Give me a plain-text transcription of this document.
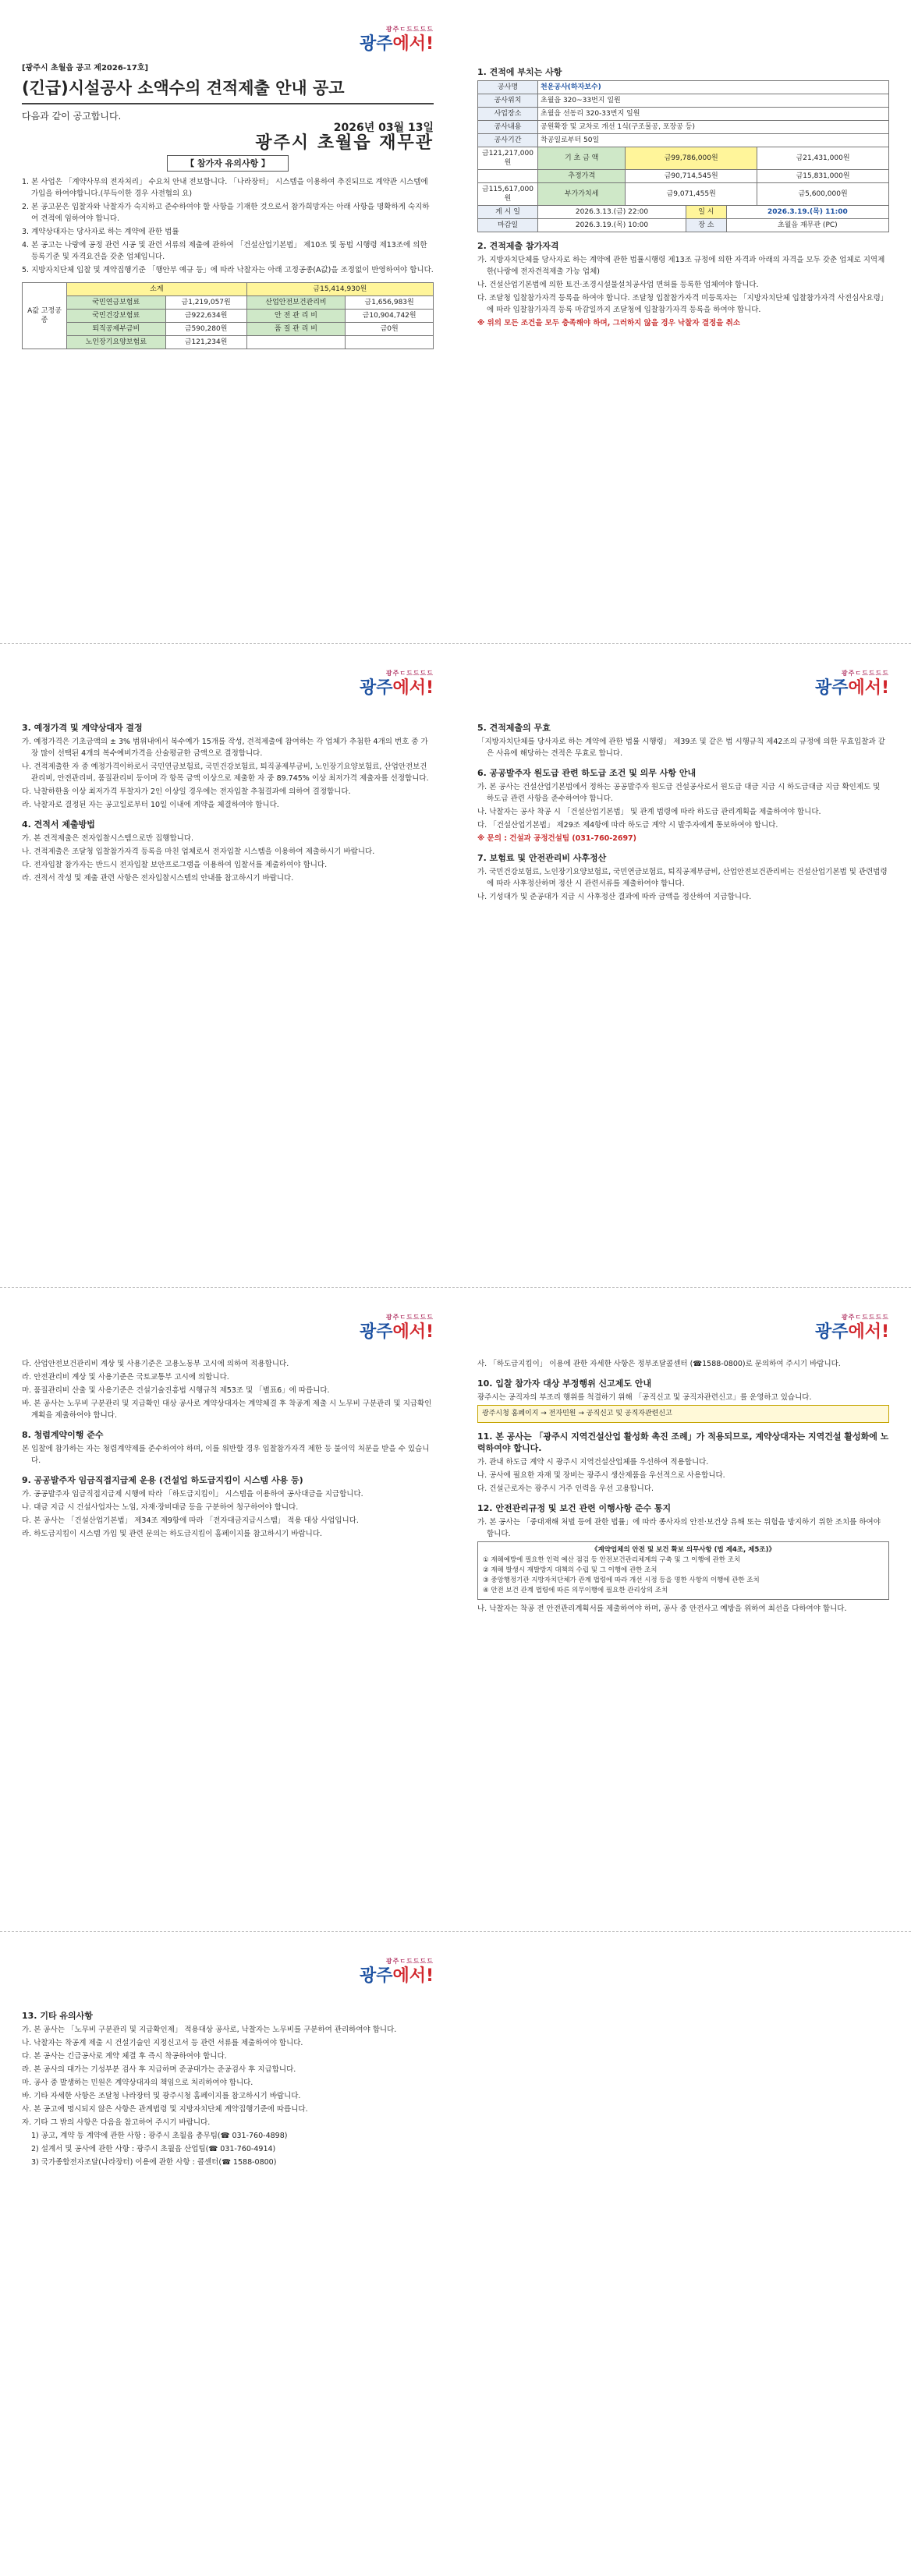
광주ㄷ드드드드
광주에서!
[광주시 초월읍 공고 제2026-17호]
(긴급)시설공사 소액수의 견적제출 안내 공고
다음과 같이 공고합니다.
2026년 03월 13일
광주시 초월읍 재무관
【 참가자 유의사항 】
1. 본 사업은 「계약사무의 전자처리」 수요처 안내 전보합니다. 「나라장터」 시스템을 이용하여 추진되므로 계약관 시스템에 가입을 하여야합니다.(부득이한 경우 사전협의 요)
2. 본 공고문은 입찰자와 낙찰자가 숙지하고 준수하여야 할 사항을 기재한 것으로서 참가희망자는 아래 사항을 명확하게 숙지하여 견적에 임하여야 합니다.
3. 계약상대자는 당사자로 하는 계약에 관한 법률
4. 본 공고는 나랑에 공정 관련 시공 및 관련 서류의 제출에 관하여 「건설산업기본법」 제10조 및 동법 시행령 제13조에 의한 등록기준 및 자격요건을 갖춘 업체입니다.
5. 지방자치단체 입찰 및 계약집행기준 「행안부 예규 등」에 따라 낙찰자는 아래 고정공종(A값)을 조정없이 반영하여야 합니다.
A값 고정공종	소계		금15,414,930원	
	국민연금보험료	금1,219,057원	산업안전보건관리비	금1,656,983원
	국민건강보험료	금922,634원	안 전 관 리 비	금10,904,742원
	퇴직공제부금비	금590,280원	품 질 관 리 비	금0원
	노인장기요양보험료	금121,234원		
1. 견적에 부치는 사항
공사명	천운공사(하자보수)
공사위치	초월읍 320~33번지 일원
사업장소	초월읍 선동리 320-33번지 일원
공사내용	공원확장 및 교차로 개선 1식(구조물공, 포장공 등)
공사기간	착공일로부터 50일
금121,217,000원	기 초 금 액	금99,786,000원	금21,431,000원
	추정가격	금90,714,545원	금15,831,000원
금115,617,000원	부가가치세	금9,071,455원	금5,600,000원
게 시 일	2026.3.13.(금) 22:00	일 시	2026.3.19.(목) 11:00
마감일	2026.3.19.(목) 10:00	장 소	초월읍 재무관 (PC)
2. 견적제출 참가자격
가. 지방자치단체를 당사자로 하는 계약에 관한 법률시행령 제13조 규정에 의한 자격과 아래의 자격을 모두 갖춘 업체로 지역제한(나랑에 전자견적제출 가능 업체)
나. 건설산업기본법에 의한 토건·조경시설물설치공사업 면허를 등록한 업체여야 합니다.
다. 조달청 입찰참가자격 등록을 하여야 합니다. 조달청 입찰참가자격 미등록자는 「지방자치단체 입찰참가자격 사전심사요령」에 따라 입찰참가자격 등록 마감일까지 조달청에 입찰참가자격 등록을 하여야 합니다.
※ 위의 모든 조건을 모두 충족해야 하며, 그러하지 않을 경우 낙찰자 결정을 취소
광주ㄷ드드드드
광주에서!
3. 예정가격 및 계약상대자 결정
가. 예정가격은 기초금액의 ± 3% 범위내에서 복수예가 15개를 작성, 견적제출에 참여하는 각 업체가 추첨한 4개의 번호 중 가장 많이 선택된 4개의 복수예비가격을 산술평균한 금액으로 결정합니다.
나. 견적제출한 자 중 예정가격이하로서 국민연금보험료, 국민건강보험료, 퇴직공제부금비, 노인장기요양보험료, 산업안전보건관리비, 안전관리비, 품질관리비 등이며 각 항목 금액 이상으로 제출한 자 중 89.745% 이상 최저가격 제출자를 선정합니다.
다. 낙찰하한율 이상 최저가격 투찰자가 2인 이상일 경우에는 전자입찰 추첨결과에 의하여 결정합니다.
라. 낙찰자로 결정된 자는 공고일로부터 10일 이내에 계약을 체결하여야 합니다.
4. 견적서 제출방법
가. 본 견적제출은 전자입찰시스템으로만 집행합니다.
나. 견적제출은 조달청 입찰참가자격 등록을 마친 업체로서 전자입찰 시스템을 이용하여 제출하시기 바랍니다.
다. 전자입찰 참가자는 반드시 전자입찰 보안프로그램을 이용하여 입찰서를 제출하여야 합니다.
라. 견적서 작성 및 제출 관련 사항은 전자입찰시스템의 안내를 참고하시기 바랍니다.
광주ㄷ드드드드
광주에서!
5. 견적제출의 무효
「지방자치단체를 당사자로 하는 계약에 관한 법률 시행령」 제39조 및 같은 법 시행규칙 제42조의 규정에 의한 무효입찰과 같은 사유에 해당하는 견적은 무효로 합니다.
6. 공공발주자 원도급 관련 하도급 조건 및 의무 사항 안내
가. 본 공사는 건설산업기본법에서 정하는 공공발주자 원도급 건설공사로서 원도급 대금 지급 시 하도급대금 지급 확인제도 및 하도급 관련 사항을 준수하여야 합니다.
나. 낙찰자는 공사 착공 시 「건설산업기본법」 및 관계 법령에 따라 하도급 관리계획을 제출하여야 합니다.
다. 「건설산업기본법」 제29조 제4항에 따라 하도급 계약 시 발주자에게 통보하여야 합니다.
※ 문의 : 건설과 공정건설팀 (031-760-2697)
7. 보험료 및 안전관리비 사후정산
가. 국민건강보험료, 노인장기요양보험료, 국민연금보험료, 퇴직공제부금비, 산업안전보건관리비는 건설산업기본법 및 관련법령에 따라 사후정산하며 정산 시 관련서류를 제출하여야 합니다.
나. 기성대가 및 준공대가 지급 시 사후정산 결과에 따라 금액을 정산하여 지급합니다.
광주ㄷ드드드드
광주에서!
다. 산업안전보건관리비 계상 및 사용기준은 고용노동부 고시에 의하여 적용합니다.
라. 안전관리비 계상 및 사용기준은 국토교통부 고시에 의합니다.
마. 품질관리비 산출 및 사용기준은 건설기술진흥법 시행규칙 제53조 및 「별표6」에 따릅니다.
바. 본 공사는 노무비 구분관리 및 지급확인 대상 공사로 계약상대자는 계약체결 후 착공계 제출 시 노무비 구분관리 및 지급확인 계획을 제출하여야 합니다.
8. 청렴계약이행 준수
본 입찰에 참가하는 자는 청렴계약제를 준수하여야 하며, 이를 위반할 경우 입찰참가자격 제한 등 불이익 처분을 받을 수 있습니다.
9. 공공발주자 임금직접지급제 운용 (건설업 하도급지킴이 시스템 사용 등)
가. 공공발주자 임금직접지급제 시행에 따라 「하도급지킴이」 시스템을 이용하여 공사대금을 지급합니다.
나. 대금 지급 시 건설사업자는 노임, 자재·장비대금 등을 구분하여 청구하여야 합니다.
다. 본 공사는 「건설산업기본법」 제34조 제9항에 따라 「전자대금지급시스템」 적용 대상 사업입니다.
라. 하도급지킴이 시스템 가입 및 관련 문의는 하도급지킴이 홈페이지를 참고하시기 바랍니다.
광주ㄷ드드드드
광주에서!
사. 「하도급지킴이」 이용에 관한 자세한 사항은 정부조달콜센터 (☎1588-0800)로 문의하여 주시기 바랍니다.
10. 입찰 참가자 대상 부정행위 신고제도 안내
광주시는 공직자의 부조리 행위를 척결하기 위해 「공직신고 및 공직자관련신고」를 운영하고 있습니다.
광주시청 홈페이지 → 전자민원 → 공직신고 및 공직자관련신고
11. 본 공사는 「광주시 지역건설산업 활성화 촉진 조례」가 적용되므로, 계약상대자는 지역건설 활성화에 노력하여야 합니다.
가. 관내 하도급 계약 시 광주시 지역건설산업체를 우선하여 적용합니다.
나. 공사에 필요한 자재 및 장비는 광주시 생산제품을 우선적으로 사용합니다.
다. 건설근로자는 광주시 거주 인력을 우선 고용합니다.
12. 안전관리규정 및 보건 관련 이행사항 준수 통지
가. 본 공사는 「중대재해 처벌 등에 관한 법률」에 따라 종사자의 안전·보건상 유해 또는 위험을 방지하기 위한 조치를 하여야 합니다.
《계약업체의 안전 및 보건 확보 의무사항 (법 제4조, 제5조)》
① 재해예방에 필요한 인력 예산 점검 등 안전보건관리체계의 구축 및 그 이행에 관한 조치
② 재해 발생시 재발방지 대책의 수립 및 그 이행에 관한 조치
③ 중앙행정기관 지방자치단체가 관계 법령에 따라 개선 시정 등을 명한 사항의 이행에 관한 조치
④ 안전 보건 관계 법령에 따른 의무이행에 필요한 관리상의 조치
나. 낙찰자는 착공 전 안전관리계획서를 제출하여야 하며, 공사 중 안전사고 예방을 위하여 최선을 다하여야 합니다.
광주ㄷ드드드드
광주에서!
13. 기타 유의사항
가. 본 공사는 「노무비 구분관리 및 지급확인제」 적용대상 공사로, 낙찰자는 노무비를 구분하여 관리하여야 합니다.
나. 낙찰자는 착공계 제출 시 건설기술인 지정신고서 등 관련 서류를 제출하여야 합니다.
다. 본 공사는 긴급공사로 계약 체결 후 즉시 착공하여야 합니다.
라. 본 공사의 대가는 기성부분 검사 후 지급하며 준공대가는 준공검사 후 지급합니다.
마. 공사 중 발생하는 민원은 계약상대자의 책임으로 처리하여야 합니다.
바. 기타 자세한 사항은 조달청 나라장터 및 광주시청 홈페이지를 참고하시기 바랍니다.
사. 본 공고에 명시되지 않은 사항은 관계법령 및 지방자치단체 계약집행기준에 따릅니다.
자. 기타 그 밖의 사항은 다음을 참고하여 주시기 바랍니다.
1) 공고, 계약 등 계약에 관한 사항 : 광주시 초월읍 총무팀(☎ 031-760-4898)
2) 설계서 및 공사에 관한 사항 : 광주시 초월읍 산업팀(☎ 031-760-4914)
3) 국가종합전자조달(나라장터) 이용에 관한 사항 : 콜센터(☎ 1588-0800)
